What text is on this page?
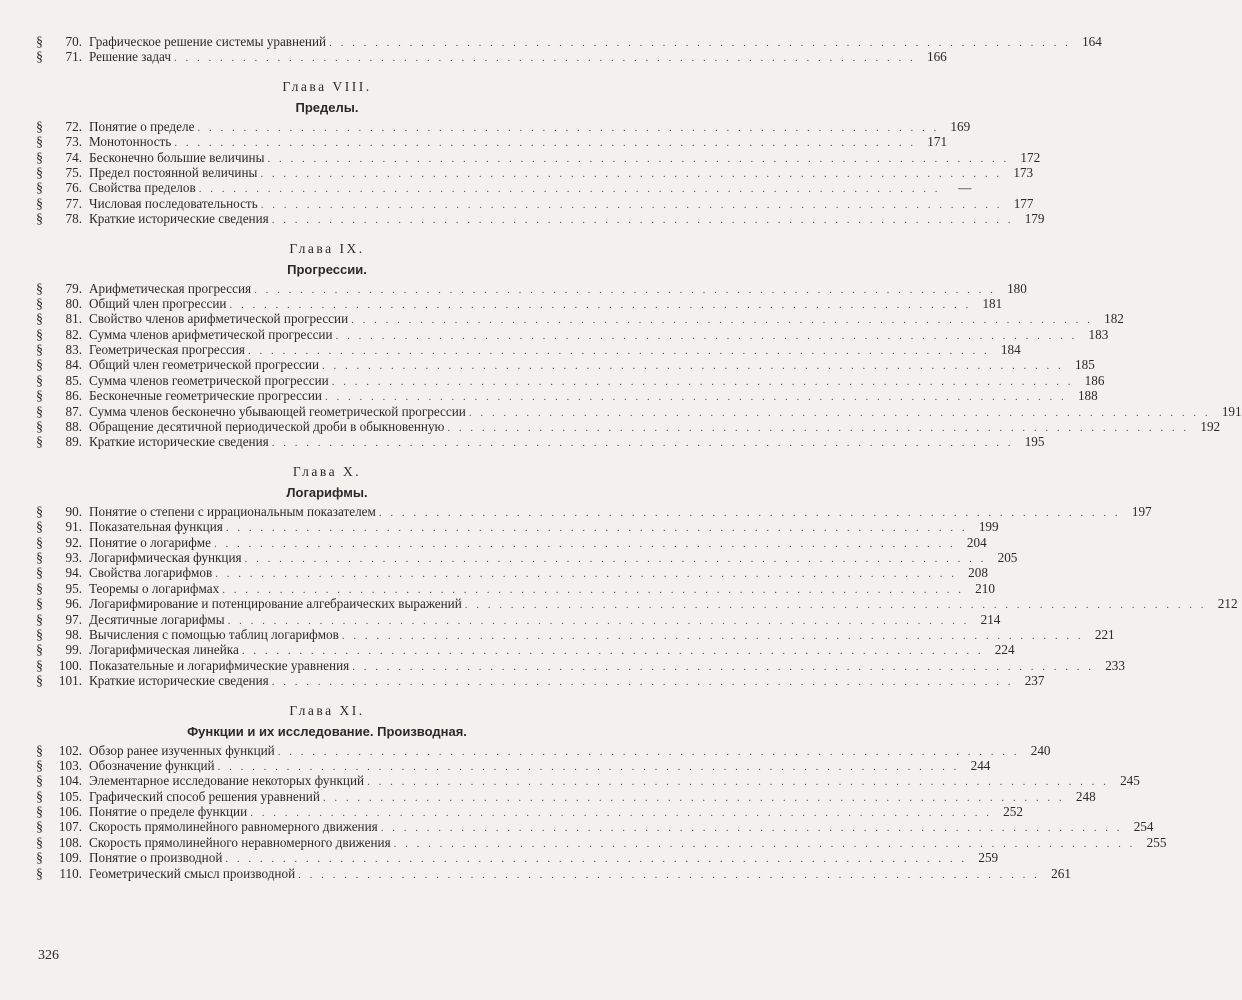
§	70. Графическое решение системы уравнений . . .	164
§	71. Решение задач . . .	166
Глава VIII.
Пределы.
§	72. Понятие о пределе . . .	169
§	73. Монотонность . . .	171
§	74. Бесконечно большие величины . . .	172
§	75. Предел постоянной величины . . .	173
§	76. Свойства пределов . . .	—
§	77. Числовая последовательность . . .	177
§	78. Краткие исторические сведения . . .	179
Глава IX.
Прогрессии.
§	79. Арифметическая прогрессия . . .	180
§	80. Общий член прогрессии . . .	181
§	81. Свойство членов арифметической прогрессии . . .	182
§	82. Сумма членов арифметической прогрессии . . .	183
§	83. Геометрическая прогрессия . . .	184
§	84. Общий член геометрической прогрессии . . .	185
§	85. Сумма членов геометрической прогрессии . . .	186
§	86. Бесконечные геометрические прогрессии . . .	188
§	87. Сумма членов бесконечно убывающей геометрической прогрессии . . .	191
§	88. Обращение десятичной периодической дроби в обыкновенную . . .	192
§	89. Краткие исторические сведения . . .	195
Глава X.
Логарифмы.
§	90. Понятие о степени с иррациональным показателем . . .	197
§	91. Показательная функция . . .	199
§	92. Понятие о логарифме . . .	204
§	93. Логарифмическая функция . . .	205
§	94. Свойства логарифмов . . .	208
§	95. Теоремы о логарифмах . . .	210
§	96. Логарифмирование и потенцирование алгебраических выражений . . .	212
§	97. Десятичные логарифмы . . .	214
§	98. Вычисления с помощью таблиц логарифмов . . .	221
§	99. Логарифмическая линейка . . .	224
§	100. Показательные и логарифмические уравнения . . .	233
§	101. Краткие исторические сведения . . .	237
Глава XI.
Функции и их исследование. Производная.
§	102. Обзор ранее изученных функций . . .	240
§	103. Обозначение функций . . .	244
§	104. Элементарное исследование некоторых функций . . .	245
§	105. Графический способ решения уравнений . . .	248
§	106. Понятие о пределе функции . . .	252
§	107. Скорость прямолинейного равномерного движения . . .	254
§	108. Скорость прямолинейного неравномерного движения . . .	255
§	109. Понятие о производной . . .	259
§	110. Геометрический смысл производной . . .	261
326
